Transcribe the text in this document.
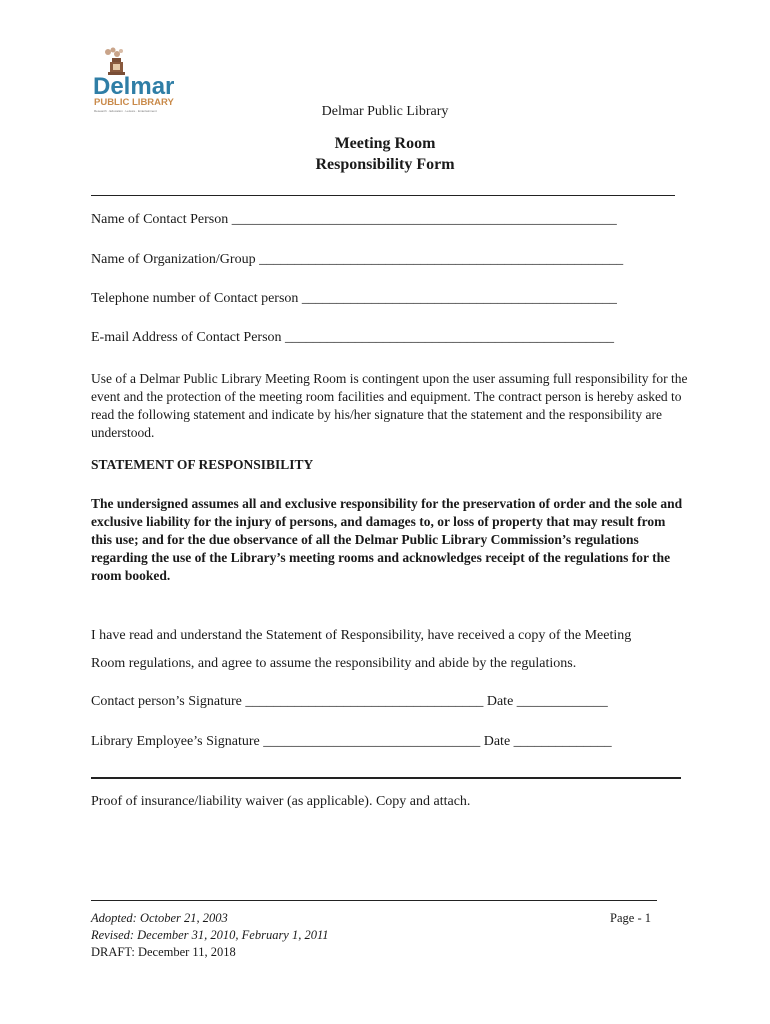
Delmar
PUBLIC LIBRARY
Research · Education · Leisure · Entertainment	Delmar Public Library
Meeting Room
Responsibility Form
Name of Contact Person _______________________________________________________
Name of Organization/Group ____________________________________________________
Telephone number of Contact person _____________________________________________
E-mail Address of Contact Person _______________________________________________
Use of a Delmar Public Library Meeting Room is contingent upon the user assuming full responsibility for the event and the protection of the meeting room facilities and equipment. The contract person is hereby asked to read the following statement and indicate by his/her signature that the statement and the responsibility are understood.
STATEMENT OF RESPONSIBILITY
The undersigned assumes all and exclusive responsibility for the preservation of order and the sole and exclusive liability for the injury of persons, and damages to, or loss of property that may result from this use; and for the due observance of all the Delmar Public Library Commission’s regulations regarding the use of the Library’s meeting rooms and acknowledges receipt of the regulations for the room booked.
I have read and understand the Statement of Responsibility, have received a copy of the Meeting
Room regulations, and agree to assume the responsibility and abide by the regulations.
Contact person’s Signature __________________________________ Date _____________
Library Employee’s Signature _______________________________ Date ______________
Proof of insurance/liability waiver (as applicable). Copy and attach.
Adopted: October 21, 2003
Revised: December 31, 2010, February 1, 2011
DRAFT: December 11, 2018
Page - 1
